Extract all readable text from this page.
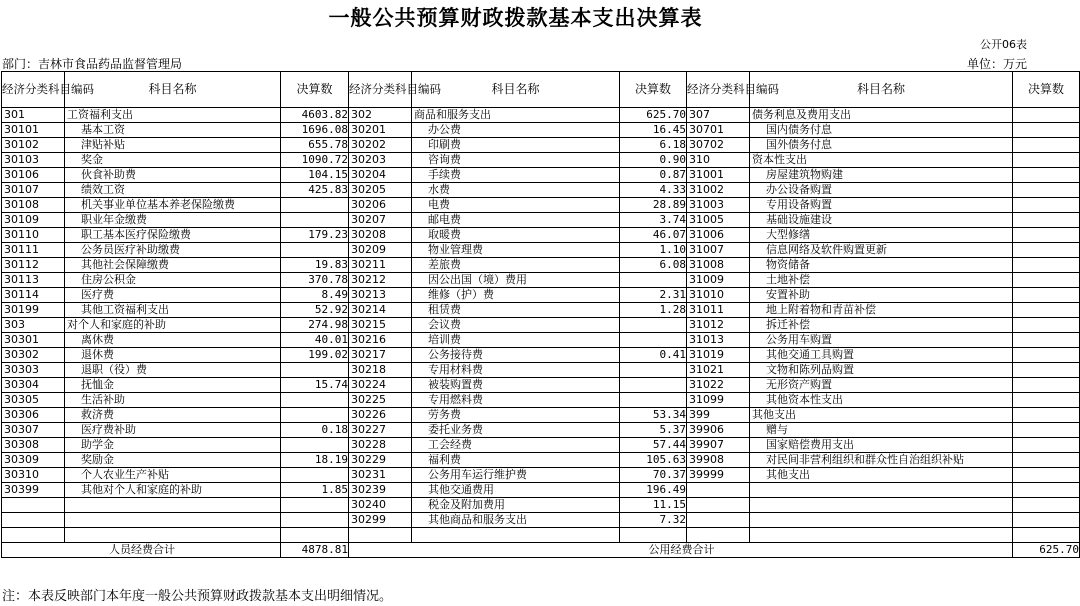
一般公共预算财政拨款基本支出决算表
公开06表
部门：吉林市食品药品监督管理局	单位：万元
经济分类科目编码	科目名称	决算数	经济分类科目编码	科目名称	决算数	经济分类科目编码	科目名称	决算数
301	工资福利支出	4603.82	302	商品和服务支出	625.70	307	债务利息及费用支出	
30101	基本工资	1696.08	30201	办公费	16.45	30701	国内债务付息	
30102	津贴补贴	655.78	30202	印刷费	6.18	30702	国外债务付息	
30103	奖金	1090.72	30203	咨询费	0.90	310	资本性支出	
30106	伙食补助费	104.15	30204	手续费	0.87	31001	房屋建筑物购建	
30107	绩效工资	425.83	30205	水费	4.33	31002	办公设备购置	
30108	机关事业单位基本养老保险缴费		30206	电费	28.89	31003	专用设备购置	
30109	职业年金缴费		30207	邮电费	3.74	31005	基础设施建设	
30110	职工基本医疗保险缴费	179.23	30208	取暖费	46.07	31006	大型修缮	
30111	公务员医疗补助缴费		30209	物业管理费	1.10	31007	信息网络及软件购置更新	
30112	其他社会保障缴费	19.83	30211	差旅费	6.08	31008	物资储备	
30113	住房公积金	370.78	30212	因公出国（境）费用		31009	土地补偿	
30114	医疗费	8.49	30213	维修（护）费	2.31	31010	安置补助	
30199	其他工资福利支出	52.92	30214	租赁费	1.28	31011	地上附着物和青苗补偿	
303	对个人和家庭的补助	274.98	30215	会议费		31012	拆迁补偿	
30301	离休费	40.01	30216	培训费		31013	公务用车购置	
30302	退休费	199.02	30217	公务接待费	0.41	31019	其他交通工具购置	
30303	退职（役）费		30218	专用材料费		31021	文物和陈列品购置	
30304	抚恤金	15.74	30224	被装购置费		31022	无形资产购置	
30305	生活补助		30225	专用燃料费		31099	其他资本性支出	
30306	救济费		30226	劳务费	53.34	399	其他支出	
30307	医疗费补助	0.18	30227	委托业务费	5.37	39906	赠与	
30308	助学金		30228	工会经费	57.44	39907	国家赔偿费用支出	
30309	奖励金	18.19	30229	福利费	105.63	39908	对民间非营利组织和群众性自治组织补贴	
30310	个人农业生产补贴		30231	公务用车运行维护费	70.37	39999	其他支出	
30399	其他对个人和家庭的补助	1.85	30239	其他交通费用	196.49			
			30240	税金及附加费用	11.15			
			30299	其他商品和服务支出	7.32			

人员经费合计		4878.81	公用经费合计					625.70
注：本表反映部门本年度一般公共预算财政拨款基本支出明细情况。
